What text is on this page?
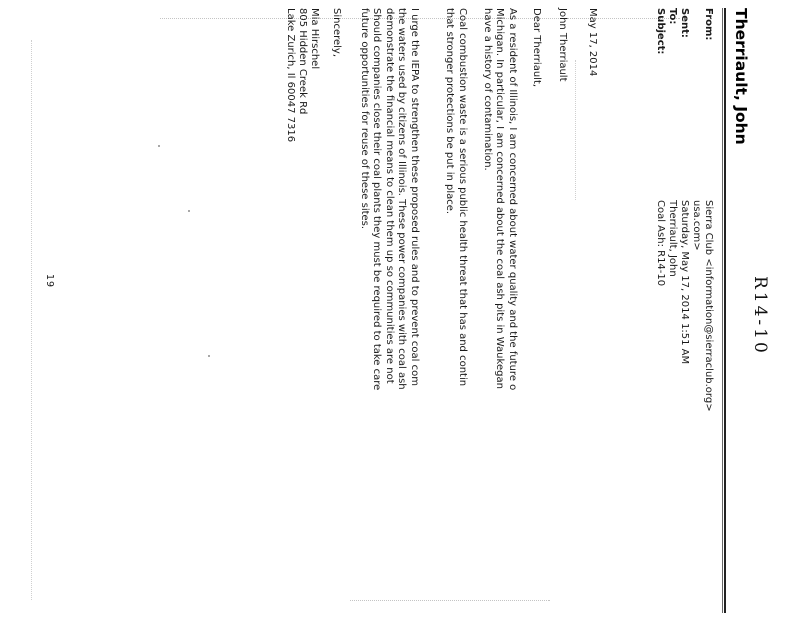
R14-10
Therriault, John
From:
Sierra Club <information@sierraclub.org>
usa.com>
Sent:
Saturday, May 17, 2014 1:51 AM
To:
Therriault, John
Subject:
Coal Ash: R14-10
May 17, 2014
John Therriault
Dear Therriault,
As a resident of Illinois, I am concerned about water quality and the future o
Michigan. In particular, I am concerned about the coal ash pits in Waukegan
have a history of contamination.
Coal combustion waste is a serious public health threat that has and contin
that stronger protections be put in place.
I urge the IEPA to strengthen these proposed rules and to prevent coal com
the waters used by citizens of Illinois. These power companies with coal ash
demonstrate the financial means to clean them up so communities are not
Should companies close their coal plants they must be required to take care
future opportunities for reuse of these sites.
Sincerely,
Mia Hirschel
805 Hidden Creek Rd
Lake Zurich, Il 60047 7316
19
